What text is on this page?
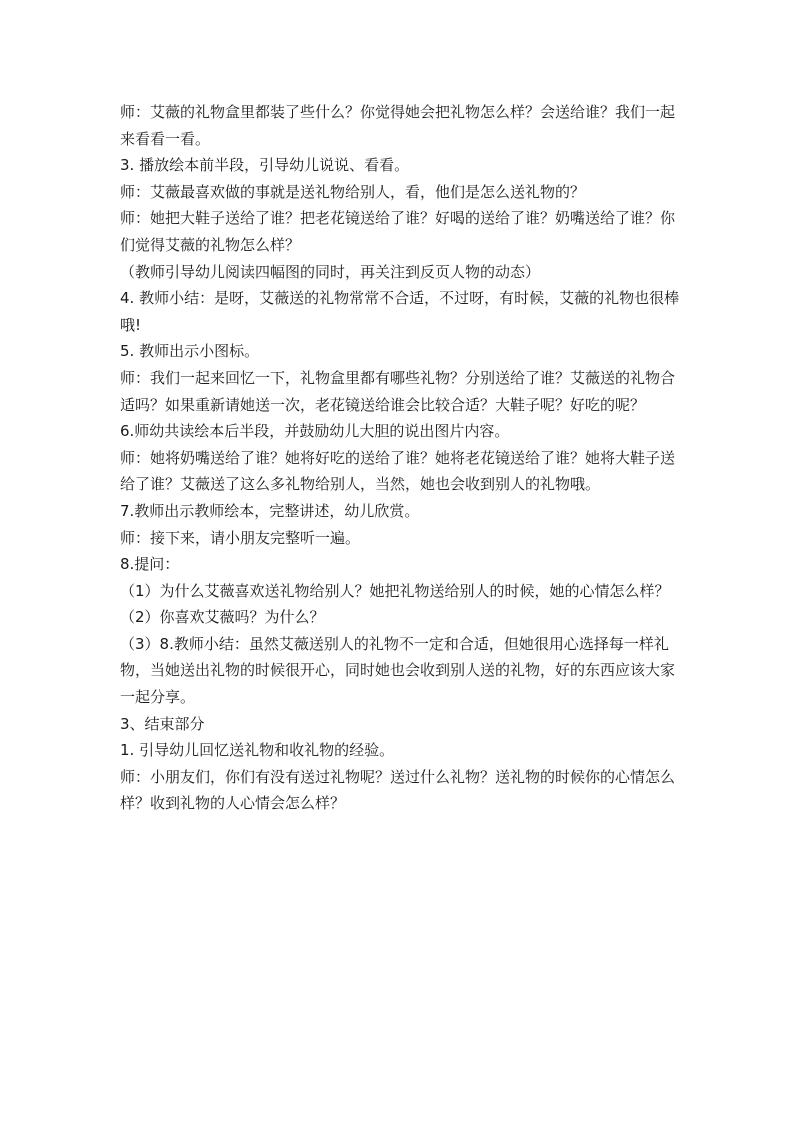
师：艾薇的礼物盒里都装了些什么？你觉得她会把礼物怎么样？会送给谁？我们一起来看看一看。

3. 播放绘本前半段，引导幼儿说说、看看。

师：艾薇最喜欢做的事就是送礼物给别人，看，他们是怎么送礼物的？

师：她把大鞋子送给了谁？把老花镜送给了谁？好喝的送给了谁？奶嘴送给了谁？你们觉得艾薇的礼物怎么样？

（教师引导幼儿阅读四幅图的同时，再关注到反页人物的动态）

4. 教师小结：是呀，艾薇送的礼物常常不合适，不过呀，有时候，艾薇的礼物也很棒哦!

5. 教师出示小图标。

师：我们一起来回忆一下，礼物盒里都有哪些礼物？分别送给了谁？艾薇送的礼物合适吗？如果重新请她送一次，老花镜送给谁会比较合适？大鞋子呢？好吃的呢？

6.师幼共读绘本后半段，并鼓励幼儿大胆的说出图片内容。

师：她将奶嘴送给了谁？她将好吃的送给了谁？她将老花镜送给了谁？她将大鞋子送给了谁？艾薇送了这么多礼物给别人，当然，她也会收到别人的礼物哦。

7.教师出示教师绘本，完整讲述，幼儿欣赏。

师：接下来，请小朋友完整听一遍。

8.提问：

（1）为什么艾薇喜欢送礼物给别人？她把礼物送给别人的时候，她的心情怎么样？

（2）你喜欢艾薇吗？为什么？

（3）8.教师小结：虽然艾薇送别人的礼物不一定和合适，但她很用心选择每一样礼物，当她送出礼物的时候很开心，同时她也会收到别人送的礼物，好的东西应该大家一起分享。

3、结束部分

1. 引导幼儿回忆送礼物和收礼物的经验。

师：小朋友们，你们有没有送过礼物呢？送过什么礼物？送礼物的时候你的心情怎么样？收到礼物的人心情会怎么样？
